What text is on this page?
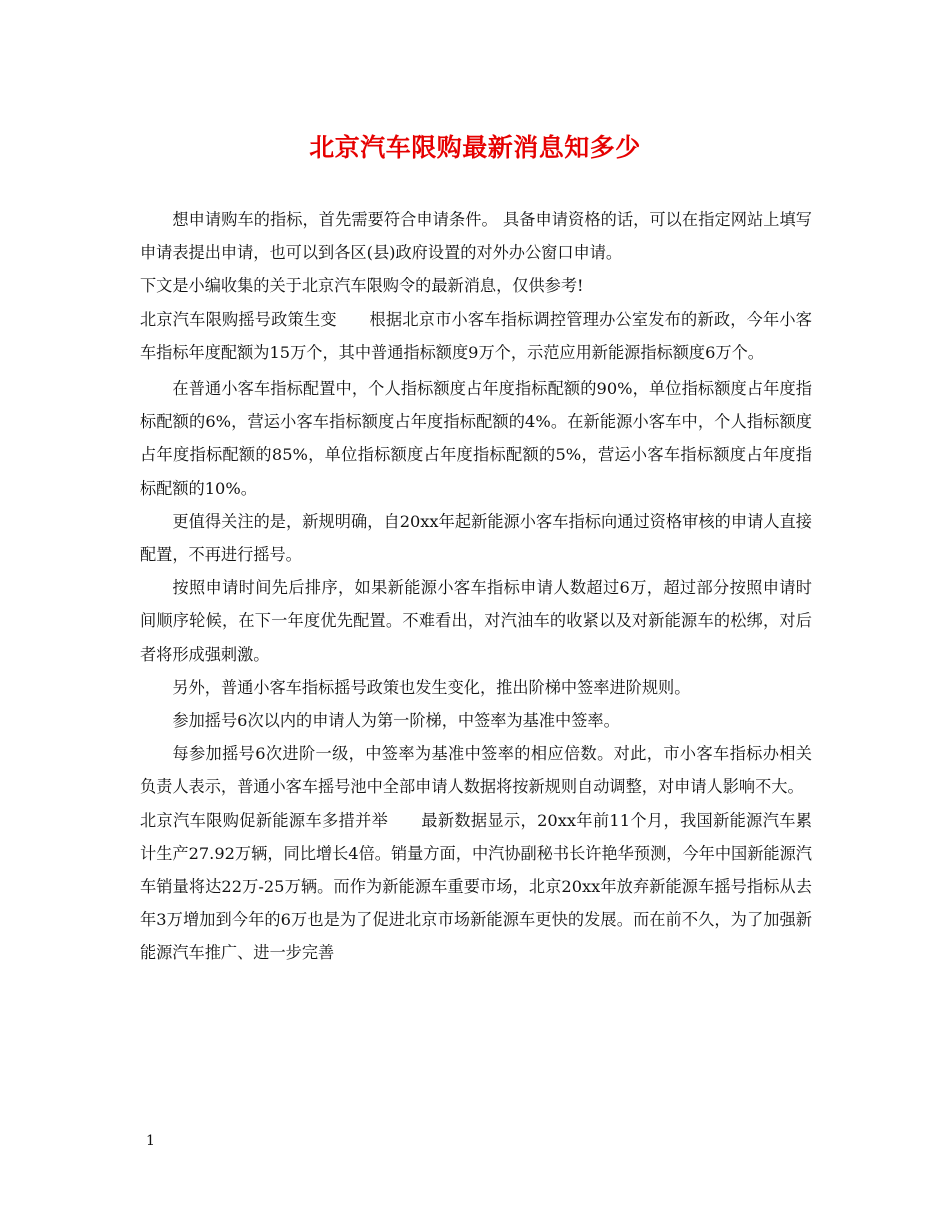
北京汽车限购最新消息知多少

想申请购车的指标，首先需要符合申请条件。 具备申请资格的话，可以在指定网站上填写申请表提出申请，也可以到各区(县)政府设置的对外办公窗口申请。

下文是小编收集的关于北京汽车限购令的最新消息，仅供参考!

北京汽车限购摇号政策生变　　根据北京市小客车指标调控管理办公室发布的新政，今年小客车指标年度配额为15万个，其中普通指标额度9万个，示范应用新能源指标额度6万个。

在普通小客车指标配置中，个人指标额度占年度指标配额的90%，单位指标额度占年度指标配额的6%，营运小客车指标额度占年度指标配额的4%。在新能源小客车中，个人指标额度占年度指标配额的85%，单位指标额度占年度指标配额的5%，营运小客车指标额度占年度指标配额的10%。

更值得关注的是，新规明确，自20xx年起新能源小客车指标向通过资格审核的申请人直接配置，不再进行摇号。

按照申请时间先后排序，如果新能源小客车指标申请人数超过6万，超过部分按照申请时间顺序轮候，在下一年度优先配置。不难看出，对汽油车的收紧以及对新能源车的松绑，对后者将形成强刺激。

另外，普通小客车指标摇号政策也发生变化，推出阶梯中签率进阶规则。

参加摇号6次以内的申请人为第一阶梯，中签率为基准中签率。

每参加摇号6次进阶一级，中签率为基准中签率的相应倍数。对此，市小客车指标办相关负责人表示，普通小客车摇号池中全部申请人数据将按新规则自动调整，对申请人影响不大。

北京汽车限购促新能源车多措并举　　最新数据显示，20xx年前11个月，我国新能源汽车累计生产27.92万辆，同比增长4倍。销量方面，中汽协副秘书长许艳华预测，今年中国新能源汽车销量将达22万-25万辆。而作为新能源车重要市场，北京20xx年放弃新能源车摇号指标从去年3万增加到今年的6万也是为了促进北京市场新能源车更快的发展。而在前不久，为了加强新能源汽车推广、进一步完善

1
